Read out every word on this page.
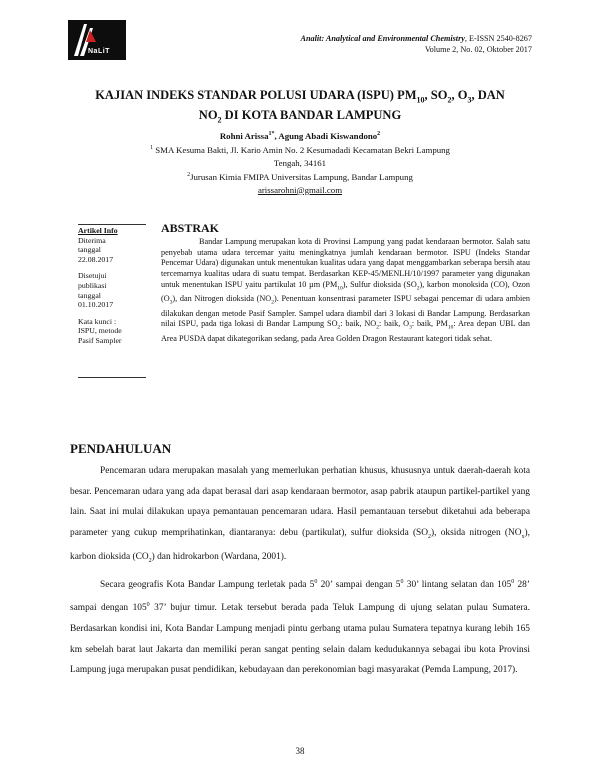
NaLiT
Analit: Analytical and Environmental Chemistry, E-ISSN 2540-8267
Volume 2, No. 02, Oktober 2017
KAJIAN INDEKS STANDAR POLUSI UDARA (ISPU) $PM_{10}$, $SO_2$, $O_3$, DAN
$NO_2$ DI KOTA BANDAR LAMPUNG
Rohni Arissa$^{1*}$, Agung Abadi Kiswandono$^2$
$^1$ SMA Kesuma Bakti, Jl. Kario Amin No. 2 Kesumadadi Kecamatan Bekri Lampung
Tengah, 34161
$^2$Jurusan Kimia FMIPA Universitas Lampung, Bandar Lampung
arissarohni@gmail.com
Artikel Info
Diterima
tanggal
22.08.2017
Disetujui
publikasi
tanggal
01.10.2017
Kata kunci :
ISPU, metode
Pasif Sampler
ABSTRAK

Bandar Lampung merupakan kota di Provinsi Lampung yang padat kendaraan bermotor. Salah satu penyebab utama udara tercemar yaitu meningkatnya jumlah kendaraan bermotor. ISPU (Indeks Standar Pencemar Udara) digunakan untuk menentukan kualitas udara yang dapat menggambarkan seberapa bersih atau tercemarnya kualitas udara di suatu tempat. Berdasarkan KEP-45/MENLH/10/1997 parameter yang digunakan untuk menentukan ISPU yaitu partikulat 10 µm $(PM_{10})$, Sulfur dioksida $(SO_2)$, karbon monoksida (CO), Ozon $(O_3)$, dan Nitrogen dioksida $(NO_2)$. Penentuan konsentrasi parameter ISPU sebagai pencemar di udara ambien dilakukan dengan metode Pasif Sampler. Sampel udara diambil dari 3 lokasi di Bandar Lampung. Berdasarkan nilai ISPU, pada tiga lokasi di Bandar Lampung $SO_2$: baik, $NO_2$: baik, $O_3$: baik, $PM_{10}$: Area depan UBL dan Area PUSDA dapat dikategorikan sedang, pada Area Golden Dragon Restaurant kategori tidak sehat.

PENDAHULUAN

Pencemaran udara merupakan masalah yang memerlukan perhatian khusus, khususnya untuk daerah-daerah kota besar. Pencemaran udara yang ada dapat berasal dari asap kendaraan bermotor, asap pabrik ataupun partikel-partikel yang lain. Saat ini mulai dilakukan upaya pemantauan pencemaran udara. Hasil pemantauan tersebut diketahui ada beberapa parameter yang cukup memprihatinkan, diantaranya: debu (partikulat), sulfur dioksida $(SO_2)$, oksida nitrogen $(NO_x)$, karbon dioksida $(CO_2)$ dan hidrokarbon (Wardana, 2001).

Secara geografis Kota Bandar Lampung terletak pada $5^0$ 20’ sampai dengan $5^0$ 30’ lintang selatan dan $105^0$ 28’ sampai dengan $105^0$ 37’ bujur timur. Letak tersebut berada pada Teluk Lampung di ujung selatan pulau Sumatera. Berdasarkan kondisi ini, Kota Bandar Lampung menjadi pintu gerbang utama pulau Sumatera tepatnya kurang lebih 165 km sebelah barat laut Jakarta dan memiliki peran sangat penting selain dalam kedudukannya sebagai ibu kota Provinsi Lampung juga merupakan pusat pendidikan, kebudayaan dan perekonomian bagi masyarakat (Pemda Lampung, 2017).

38
